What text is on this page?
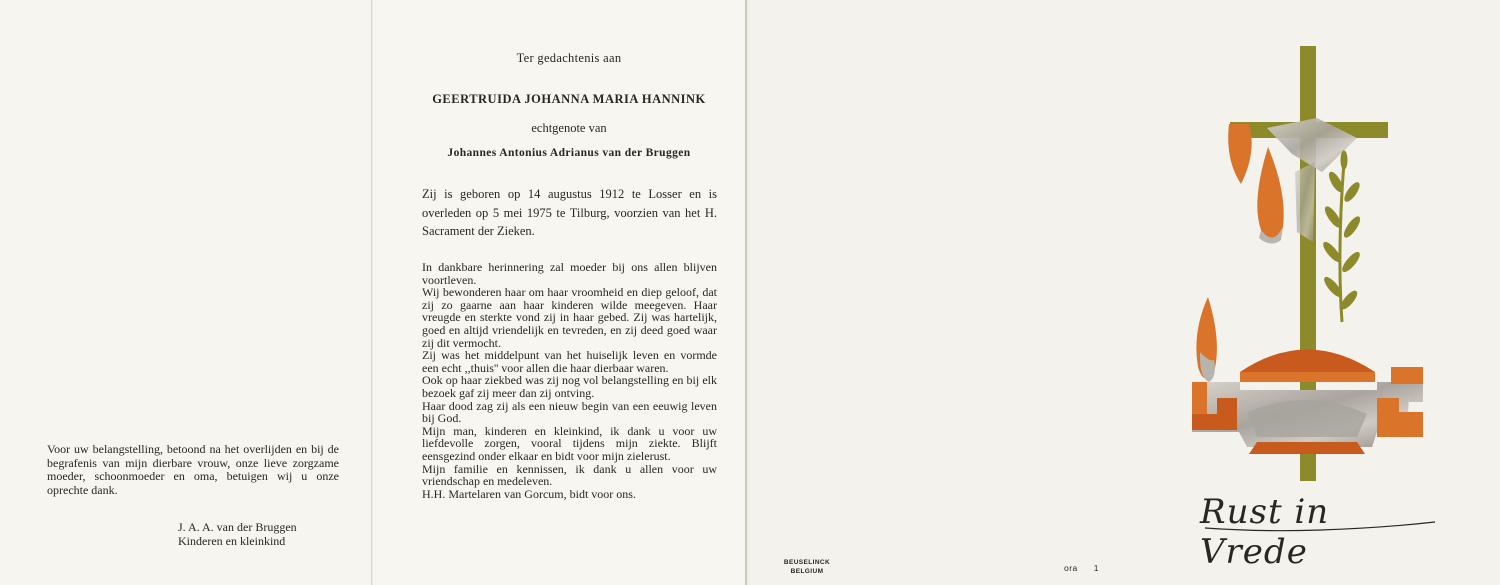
Voor uw belangstelling, betoond na het overlijden en bij de begrafenis van mijn dierbare vrouw, onze lieve zorgzame moeder, schoonmoeder en oma, betuigen wij u onze oprechte dank.

J. A. A. van der Bruggen

Kinderen en kleinkind

Ter gedachtenis aan

GEERTRUIDA JOHANNA MARIA HANNINK

echtgenote van

Johannes Antonius Adrianus van der Bruggen

Zij is geboren op 14 augustus 1912 te Losser en is overleden op 5 mei 1975 te Tilburg, voorzien van het H. Sacrament der Zieken.

In dankbare herinnering zal moeder bij ons allen blijven voortleven.
Wij bewonderen haar om haar vroomheid en diep geloof, dat zij zo gaarne aan haar kinderen wilde meegeven. Haar vreugde en sterkte vond zij in haar gebed. Zij was hartelijk, goed en altijd vriendelijk en tevreden, en zij deed goed waar zij dit vermocht.
Zij was het middelpunt van het huiselijk leven en vormde een echt ,,thuis'' voor allen die haar dierbaar waren.
Ook op haar ziekbed was zij nog vol belangstelling en bij elk bezoek gaf zij meer dan zij ontving.
Haar dood zag zij als een nieuw begin van een eeuwig leven bij God.
Mijn man, kinderen en kleinkind, ik dank u voor uw liefdevolle zorgen, vooral tijdens mijn ziekte. Blijft eensgezind onder elkaar en bidt voor mijn zielerust.
Mijn familie en kennissen, ik dank u allen voor uw vriendschap en medeleven.
H.H. Martelaren van Gorcum, bidt voor ons.	Rust in Vrede
BEUSELINCK
BELGIUM	ora 1
